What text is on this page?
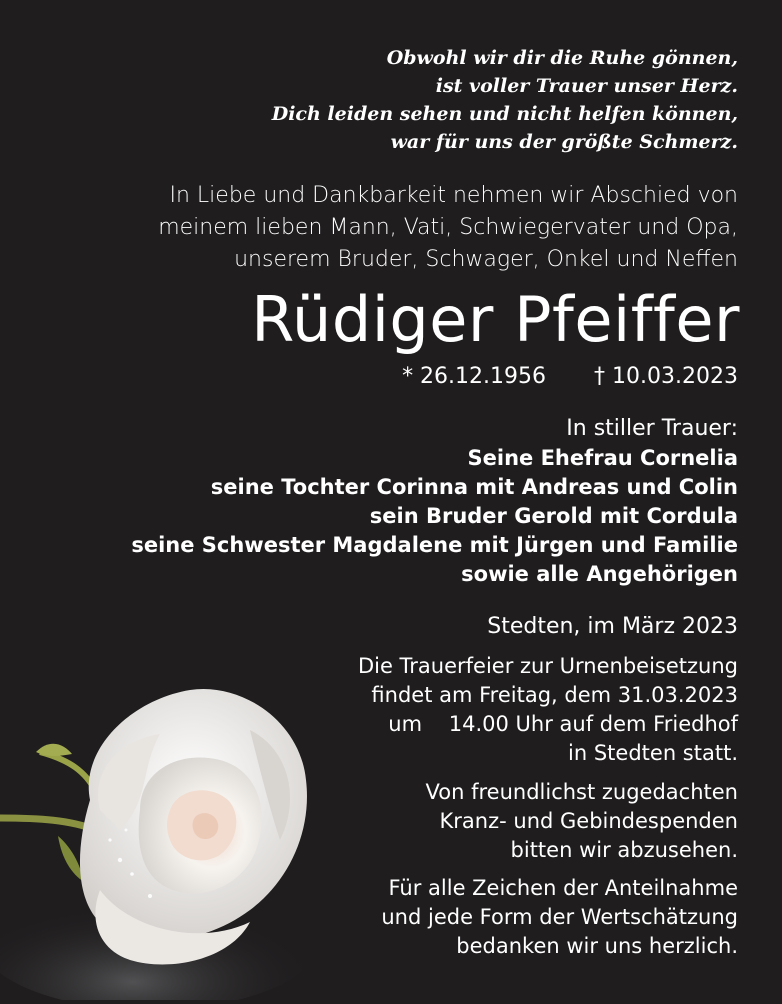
Obwohl wir dir die Ruhe gönnen,
ist voller Trauer unser Herz.
Dich leiden sehen und nicht helfen können,
war für uns der größte Schmerz.
In Liebe und Dankbarkeit nehmen wir Abschied von
meinem lieben Mann, Vati, Schwiegervater und Opa,
unserem Bruder, Schwager, Onkel und Neffen
Rüdiger Pfeiffer
* 26.12.1956 † 10.03.2023
In stiller Trauer:
Seine Ehefrau Cornelia
seine Tochter Corinna mit Andreas und Colin
sein Bruder Gerold mit Cordula
seine Schwester Magdalene mit Jürgen und Familie
sowie alle Angehörigen
Stedten, im März 2023
Die Trauerfeier zur Urnenbeisetzung
findet am Freitag, dem 31.03.2023
um    14.00 Uhr auf dem Friedhof
in Stedten statt.
Von freundlichst zugedachten
Kranz- und Gebindespenden
bitten wir abzusehen.
Für alle Zeichen der Anteilnahme
und jede Form der Wertschätzung
bedanken wir uns herzlich.
